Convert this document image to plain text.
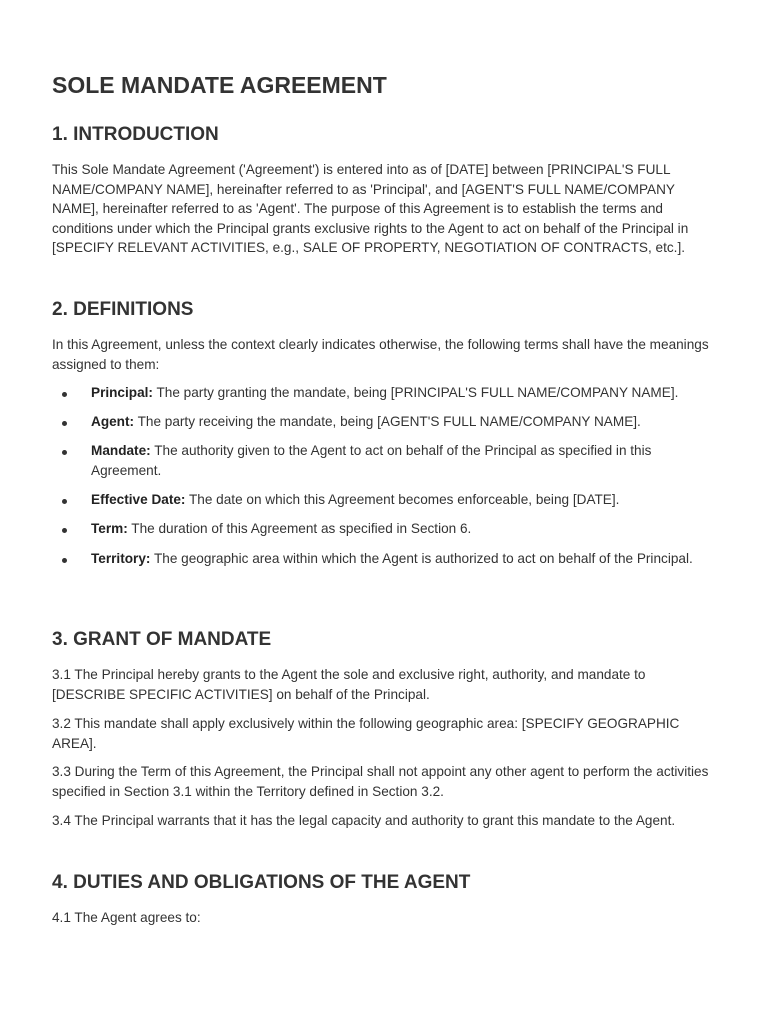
SOLE MANDATE AGREEMENT
1. INTRODUCTION

This Sole Mandate Agreement ('Agreement') is entered into as of [DATE] between [PRINCIPAL'S FULL NAME/COMPANY NAME], hereinafter referred to as 'Principal', and [AGENT'S FULL NAME/COMPANY NAME], hereinafter referred to as 'Agent'. The purpose of this Agreement is to establish the terms and conditions under which the Principal grants exclusive rights to the Agent to act on behalf of the Principal in [SPECIFY RELEVANT ACTIVITIES, e.g., SALE OF PROPERTY, NEGOTIATION OF CONTRACTS, etc.].

2. DEFINITIONS

In this Agreement, unless the context clearly indicates otherwise, the following terms shall have the meanings assigned to them:

Principal: The party granting the mandate, being [PRINCIPAL'S FULL NAME/COMPANY NAME].
Agent: The party receiving the mandate, being [AGENT'S FULL NAME/COMPANY NAME].
Mandate: The authority given to the Agent to act on behalf of the Principal as specified in this Agreement.
Effective Date: The date on which this Agreement becomes enforceable, being [DATE].
Term: The duration of this Agreement as specified in Section 6.
Territory: The geographic area within which the Agent is authorized to act on behalf of the Principal.
3. GRANT OF MANDATE

3.1 The Principal hereby grants to the Agent the sole and exclusive right, authority, and mandate to [DESCRIBE SPECIFIC ACTIVITIES] on behalf of the Principal.

3.2 This mandate shall apply exclusively within the following geographic area: [SPECIFY GEOGRAPHIC AREA].

3.3 During the Term of this Agreement, the Principal shall not appoint any other agent to perform the activities specified in Section 3.1 within the Territory defined in Section 3.2.

3.4 The Principal warrants that it has the legal capacity and authority to grant this mandate to the Agent.

4. DUTIES AND OBLIGATIONS OF THE AGENT

4.1 The Agent agrees to:
